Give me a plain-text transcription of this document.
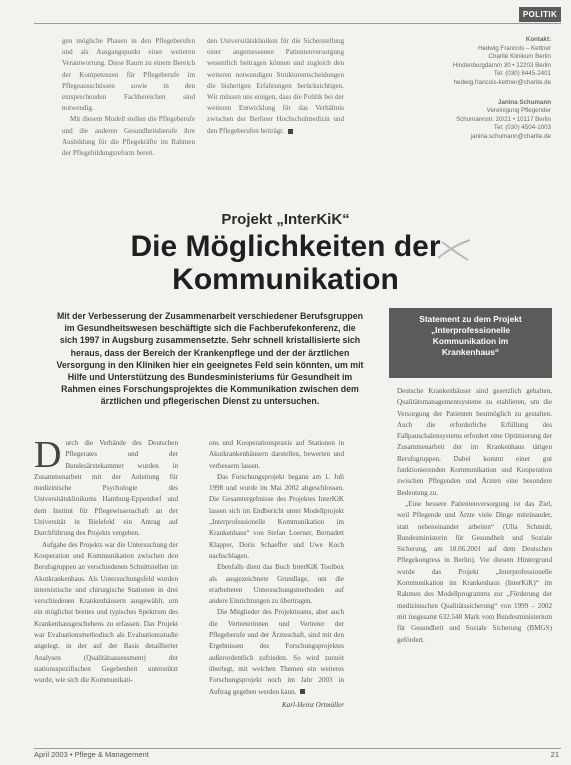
POLITIK

gen mögliche Phasen in den Pflegeberufen und als Ausgangspunkt einer weiteren Verantwortung. Diese Raum zu einem Bereich der Kompetenzen für Pflegeberufe im Pflegeausschüssen sowie in den entsprechenden Fachbereichen sind notwendig.

Mit diesem Modell stellen die Pflegeberufe und die anderen Gesundheitsberufe ihre Ausbildung für die Pflegekräfte im Rahmen der Pflegebildungsreform bereit.

den Universitätskliniken für die Sicherstellung einer angemessenen Patientenversorgung wesentlich beitragen können und zugleich den weiteren notwendigen Strukturentscheidungen die bisherigen Erfahrungen berücksichtigen. Wir müssen uns einigen, dass die Politik bei der weiteren Entwicklung für das Verhältnis zwischen der Berliner Hochschulmedizin und den Pflegeberufen beiträgt.

Kontakt:
Hedwig Francois – Kettner
Charité Klinikum Berlin
Hindenburgdamm 30 • 12203 Berlin
Tel: (030) 8445-2401
hedwig.francois-kettner@charite.de
Janina Schumann
Vereinigung Pflegender
Schumannstr. 20/21 • 10117 Berlin
Tel: (030) 4504-1003
janina.schumann@charite.de
Projekt „InterKiK“
Die Möglichkeiten der
Kommunikation
Mit der Verbesserung der Zusammenarbeit verschiedener Berufsgruppen im Gesundheitswesen beschäftigte sich die Fachberufekonferenz, die sich 1997 in Augsburg zusammensetzte. Sehr schnell kristallisierte sich heraus, dass der Bereich der Krankenpflege und der der ärztlichen Versorgung in den Kliniken hier ein geeignetes Feld sein könnten, um mit Hilfe und Unterstützung des Bundesministeriums für Gesundheit im Rahmen eines Forschungsprojektes die Kommunikation zwischen dem ärztlichen und pflegerischen Dienst zu untersuchen.
Statement zu dem Projekt
„Interprofessionelle
Kommunikation im
Krankenhaus“

Durch die Verbände des Deutschen Pflegerates und der Bundesärztekammer wurden in Zusammenarbeit mit der Anleitung für medizinische Psychologie des Universitätsklinikums Hamburg-Eppendorf und dem Institut für Pflegewissenschaft an der Universität in Bielefeld ein Antrag auf Durchführung des Projekts vergeben.

Aufgabe des Projekts war die Untersuchung der Kooperation und Kommunikation zwischen den Berufsgruppen an verschiedenen Schnittstellen im Akutkrankenhaus. Als Untersuchungsfeld wurden internistische und chirurgische Stationen in drei verschiedenen Krankenhäusern ausgewählt, um ein möglichst breites und typisches Spektrum des Krankenhausgeschehens zu erfassen. Das Projekt war Evaluationsmethodisch als Evaluationsstudie angelegt, in der auf der Basis detaillierter Analysen (Qualitätsassessment) der stationsspezifischen Gegebenheit unterstützt wurde, wie sich die Kommunikati-

ons und Kooperationspraxis auf Stationen in Akutkrankenhäusern darstellen, bewerten und verbessern lassen.

Das Forschungsprojekt begann am 1. Juli 1998 und wurde im Mai 2002 abgeschlossen. Die Gesamtergebnisse des Projektes InterKiK lassen sich im Endbericht unter Modellprojekt „Interprofessionelle Kommunikation im Krankenhaus“ von Stefan Loerner, Bernadett Klapper, Doris Schaeffer und Uwe Koch nachschlagen.

Ebenfalls dient das Buch InterKiK Toolbox als ausgezeichnete Grundlage, um die erarbeiteten Untersuchungsmethoden auf andere Einrichtungen zu übertragen.

Die Mitglieder des Projektteams, aber auch die Vertreterinnen und Vertreter der Pflegeberufe und der Ärzteschaft, sind mit den Ergebnissen des Forschungsprojektes außerordentlich zufrieden. So wird zurzeit überlegt, mit welchen Themen ein weiteres Forschungsprojekt noch im Jahr 2003 in Auftrag gegeben werden kann.

Karl-Heinz Ortmüller

Deutsche Krankenhäuser sind gesetzlich gehalten, Qualitätsmanagementsysteme zu etablieren, um die Versorgung der Patienten bestmöglich zu gestalten. Auch die erforderliche Erfüllung des Fallpauschalensystems erfordert eine Optimierung der Zusammenarbeit der im Krankenhaus tätigen Berufsgruppen. Dabei kommt einer gut funktionierenden Kommunikation und Kooperation zwischen Pflegenden und Ärzten eine besondere Bedeutung zu.

„Eine bessere Patientenversorgung ist das Ziel, weil Pflegende und Ärzte viele Dinge miteinander, statt nebeneinander arbeiten“ (Ulla Schmidt, Bundesministerin für Gesundheit und Soziale Sicherung, am 18.06.2001 auf dem Deutschen Pflegekongress in Berlin). Vor diesem Hintergrund wurde das Projekt „Interprofessionelle Kommunikation im Krankenhaus (InterKiK)“ im Rahmen des Modellprogramms zur „Förderung der medizinischen Qualitätssicherung“ von 1999 – 2002 mit insgesamt 632.548 Mark vom Bundesministerium für Gesundheit und Soziale Sicherung (BMGS) gefördert.

April 2003 • Pflege & Management	21
